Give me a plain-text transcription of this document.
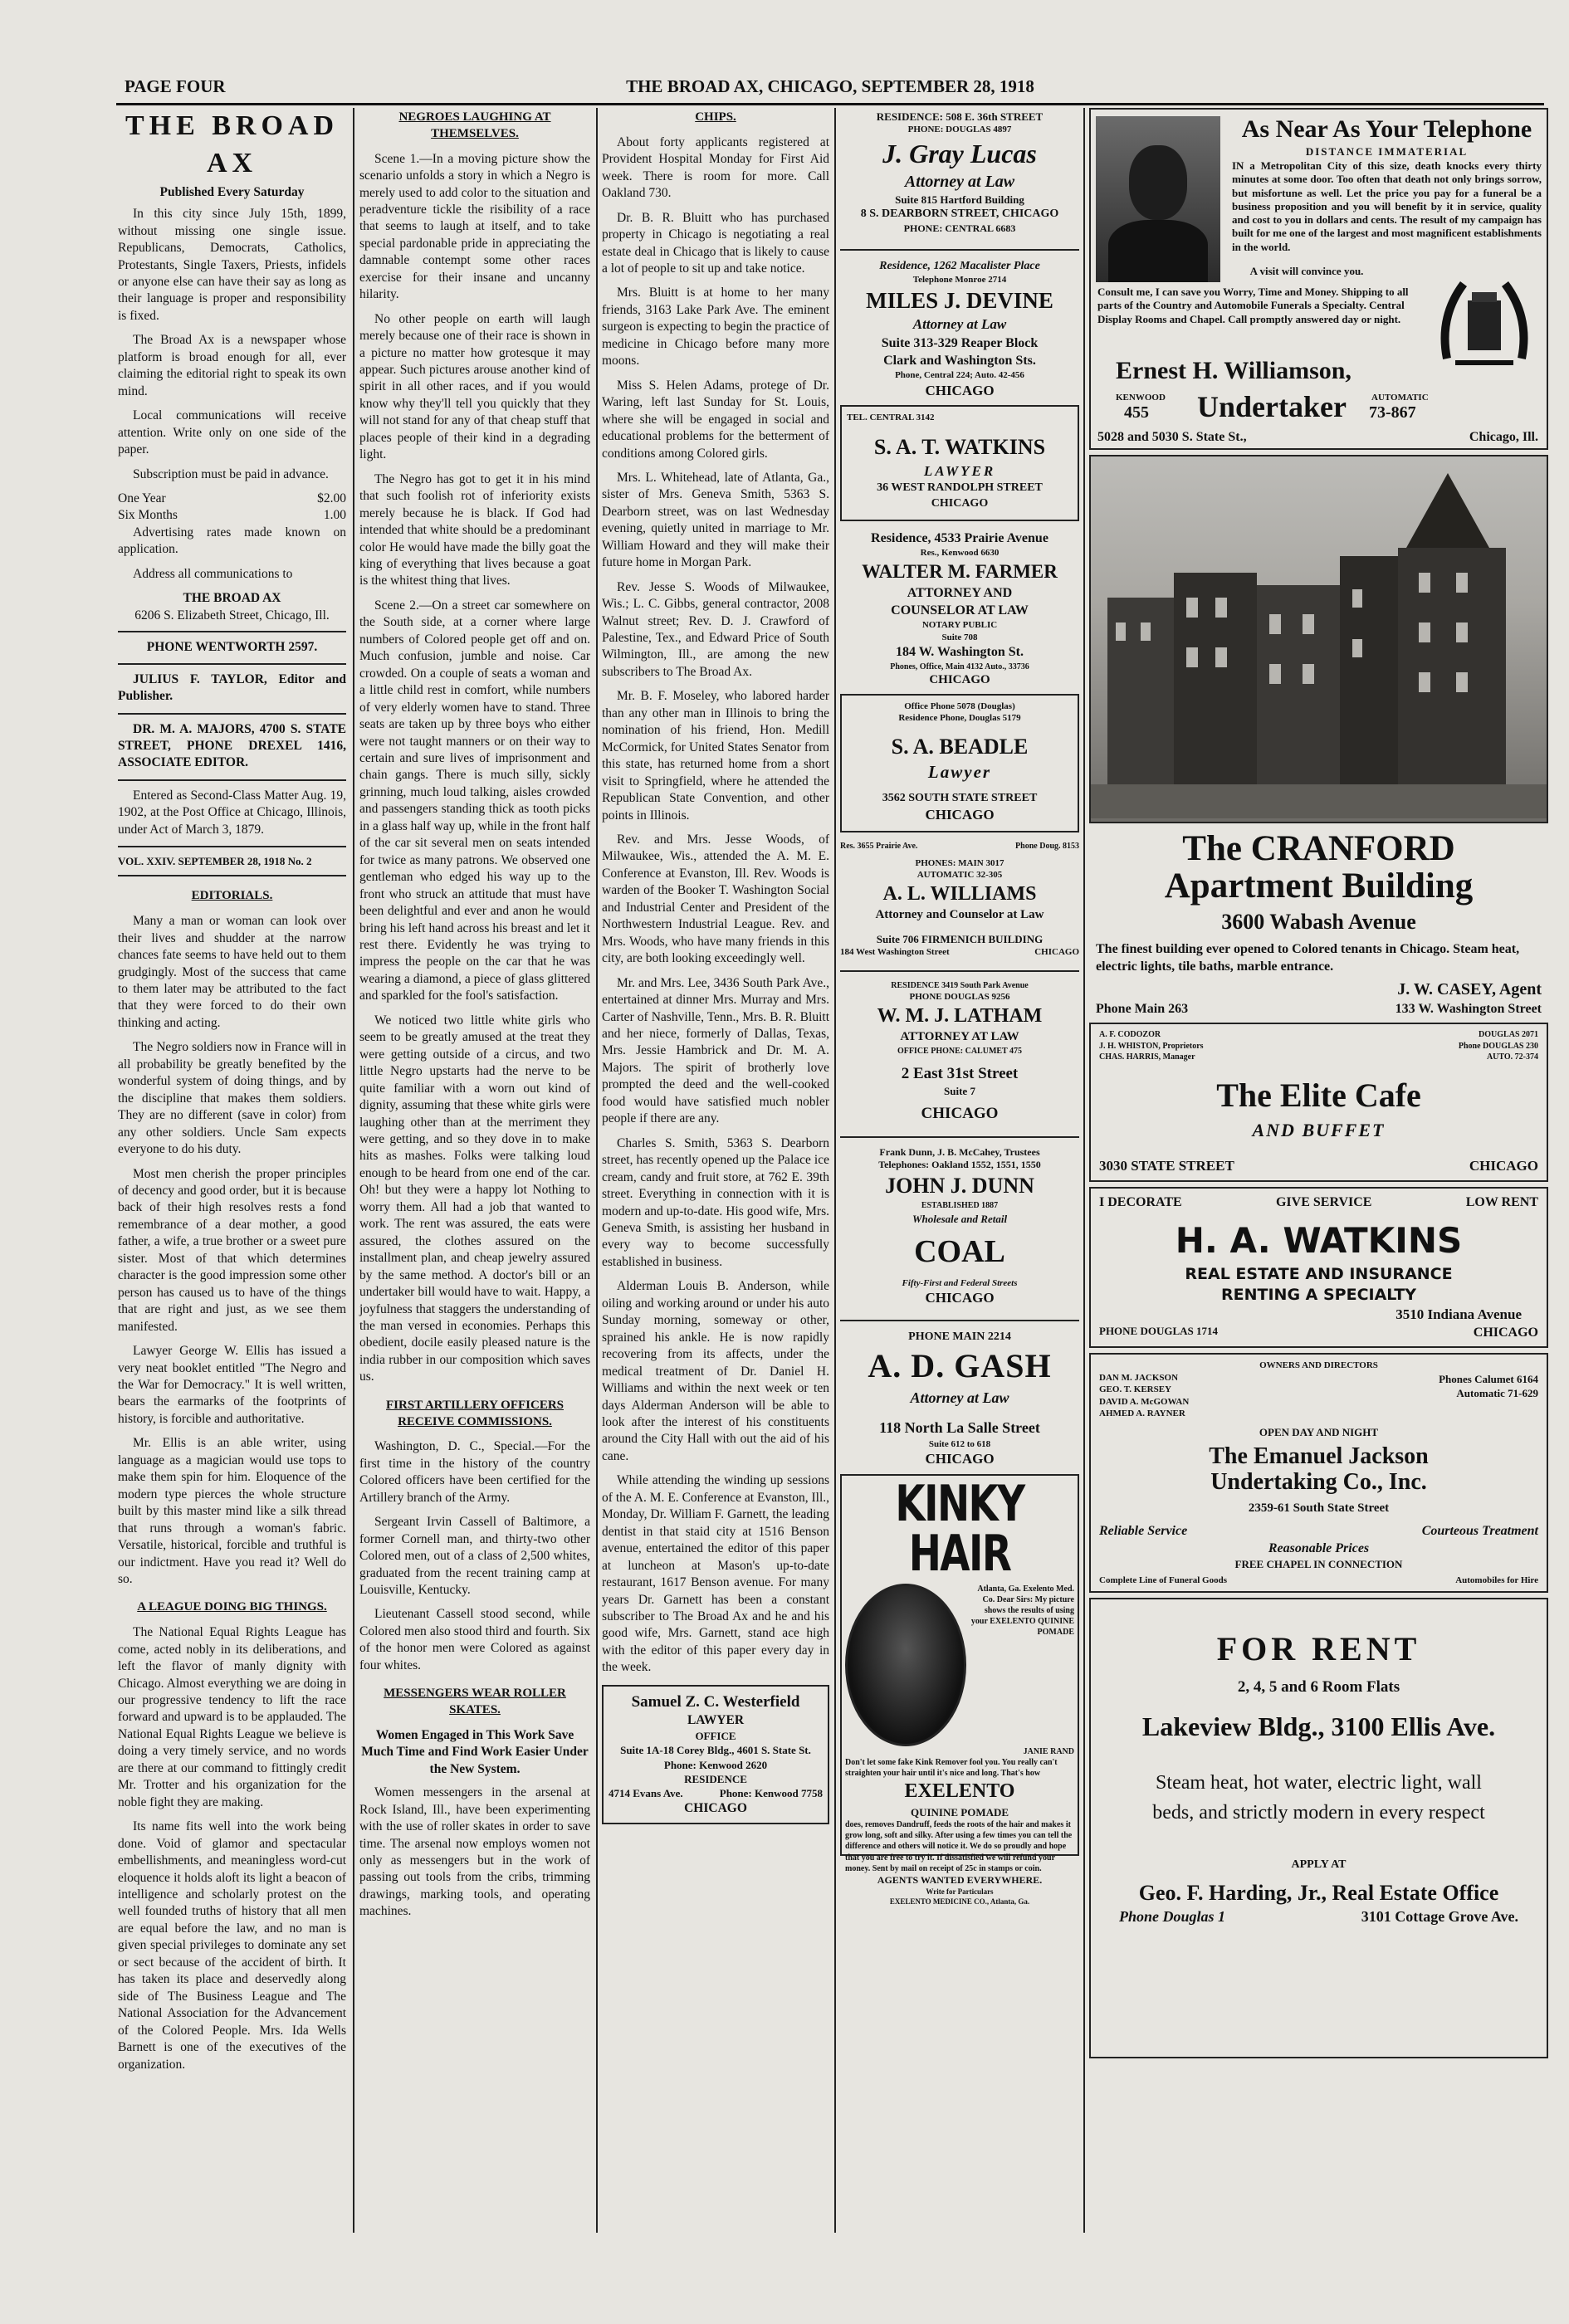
PAGE FOUR	THE BROAD AX, CHICAGO, SEPTEMBER 28, 1918
THE BROAD AX
Published Every Saturday

In this city since July 15th, 1899, without missing one single issue. Republicans, Democrats, Catholics, Protestants, Single Taxers, Priests, infidels or anyone else can have their say as long as their language is proper and responsibility is fixed.

The Broad Ax is a newspaper whose platform is broad enough for all, ever claiming the editorial right to speak its own mind.

Local communications will receive attention. Write only on one side of the paper.

Subscription must be paid in advance.

One Year	$2.00
Six Months	1.00

Advertising rates made known on application.

Address all communications to

THE BROAD AX
6206 S. Elizabeth Street, Chicago, Ill.
PHONE WENTWORTH 2597.

JULIUS F. TAYLOR, Editor and Publisher.

DR. M. A. MAJORS, 4700 S. STATE STREET, PHONE DREXEL 1416, ASSOCIATE EDITOR.

Entered as Second-Class Matter Aug. 19, 1902, at the Post Office at Chicago, Illinois, under Act of March 3, 1879.

VOL. XXIV. SEPTEMBER 28, 1918 No. 2
EDITORIALS.

Many a man or woman can look over their lives and shudder at the narrow chances fate seems to have held out to them grudgingly. Most of the success that came to them later may be attributed to the fact that they were forced to do their own thinking and acting.

The Negro soldiers now in France will in all probability be greatly benefited by the wonderful system of doing things, and by the discipline that makes them soldiers. They are no different (save in color) from any other soldiers. Uncle Sam expects everyone to do his duty.

Most men cherish the proper principles of decency and good order, but it is because back of their high resolves rests a fond remembrance of a dear mother, a good father, a wife, a true brother or a sweet pure sister. Most of that which determines character is the good impression some other person has caused us to have of the things that are right and just, as we see them manifested.

Lawyer George W. Ellis has issued a very neat booklet entitled "The Negro and the War for Democracy." It is well written, bears the earmarks of the footprints of history, is forcible and authoritative.

Mr. Ellis is an able writer, using language as a magician would use tops to make them spin for him. Eloquence of the modern type pierces the whole structure built by this master mind like a silk thread that runs through a woman's fabric. Versatile, historical, forcible and truthful is our indictment. Have you read it? Well do so.

A LEAGUE DOING BIG THINGS.

The National Equal Rights League has come, acted nobly in its deliberations, and left the flavor of manly dignity with Chicago. Almost everything we are doing in our progressive tendency to lift the race forward and upward is to be applauded. The National Equal Rights League we believe is doing a very timely service, and no words are there at our command to fittingly credit Mr. Trotter and his organization for the noble fight they are making.

Its name fits well into the work being done. Void of glamor and spectacular embellishments, and meaningless word-cut eloquence it holds aloft its light a beacon of intelligence and scholarly protest on the well founded truths of history that all men are equal before the law, and no man is given special privileges to dominate any set or sect because of the accident of birth. It has taken its place and deservedly along side of The Business League and The National Association for the Advancement of the Colored People. Mrs. Ida Wells Barnett is one of the executives of the organization.

NEGROES LAUGHING AT THEMSELVES.

Scene 1.—In a moving picture show the scenario unfolds a story in which a Negro is merely used to add color to the situation and peradventure tickle the risibility of a race that seems to laugh at itself, and to take special pardonable pride in appreciating the damnable contempt some other races exercise for their insane and uncanny hilarity.

No other people on earth will laugh merely because one of their race is shown in a picture no matter how grotesque it may appear. Such pictures arouse another kind of spirit in all other races, and if you would know why they'll tell you quickly that they will not stand for any of that cheap stuff that places people of their kind in a degrading light.

The Negro has got to get it in his mind that such foolish rot of inferiority exists merely because he is black. If God had intended that white should be a predominant color He would have made the billy goat the king of everything that lives because a goat is the whitest thing that lives.

Scene 2.—On a street car somewhere on the South side, at a corner where large numbers of Colored people get off and on. Much confusion, jumble and noise. Car crowded. On a couple of seats a woman and a little child rest in comfort, while numbers of very elderly women have to stand. Three seats are taken up by three boys who either were not taught manners or on their way to certain and sure lives of imprisonment and chain gangs. There is much silly, sickly grinning, much loud talking, aisles crowded and passengers standing thick as tooth picks in a glass half way up, while in the front half of the car sit several men on seats intended for twice as many patrons. We observed one gentleman who edged his way up to the front who struck an attitude that must have been delightful and ever and anon he would bring his left hand across his breast and let it rest there. Evidently he was trying to impress the people on the car that he was wearing a diamond, a piece of glass glittered and sparkled for the fool's satisfaction.

We noticed two little white girls who seem to be greatly amused at the treat they were getting outside of a circus, and two little Negro upstarts had the nerve to be quite familiar with a worn out kind of dignity, assuming that these white girls were laughing other than at the merriment they were getting, and so they dove in to make hits as mashes. Folks were talking loud enough to be heard from one end of the car. Oh! but they were a happy lot Nothing to worry them. All had a job that wanted to work. The rent was assured, the eats were assured, the clothes assured on the installment plan, and cheap jewelry assured by the same method. A doctor's bill or an undertaker bill would have to wait. Happy, a joyfulness that staggers the understanding of the man versed in economies. Perhaps this obedient, docile easily pleased nature is the india rubber in our composition which saves us.

FIRST ARTILLERY OFFICERS RECEIVE COMMISSIONS.

Washington, D. C., Special.—For the first time in the history of the country Colored officers have been certified for the Artillery branch of the Army.

Sergeant Irvin Cassell of Baltimore, a former Cornell man, and thirty-two other Colored men, out of a class of 2,500 whites, graduated from the recent training camp at Louisville, Kentucky.

Lieutenant Cassell stood second, while Colored men also stood third and fourth. Six of the honor men were Colored as against four whites.

MESSENGERS WEAR ROLLER SKATES.
Women Engaged in This Work Save Much Time and Find Work Easier Under the New System.

Women messengers in the arsenal at Rock Island, Ill., have been experimenting with the use of roller skates in order to save time. The arsenal now employs women not only as messengers but in the work of passing out tools from the cribs, trimming drawings, marking tools, and operating machines.

CHIPS.

About forty applicants registered at Provident Hospital Monday for First Aid week. There is room for more. Call Oakland 730.

Dr. B. R. Bluitt who has purchased property in Chicago is negotiating a real estate deal in Chicago that is likely to cause a lot of people to sit up and take notice.

Mrs. Bluitt is at home to her many friends, 3163 Lake Park Ave. The eminent surgeon is expecting to begin the practice of medicine in Chicago before many more moons.

Miss S. Helen Adams, protege of Dr. Waring, left last Sunday for St. Louis, where she will be engaged in social and educational problems for the betterment of conditions among Colored girls.

Mrs. L. Whitehead, late of Atlanta, Ga., sister of Mrs. Geneva Smith, 5363 S. Dearborn street, was on last Wednesday evening, quietly united in marriage to Mr. William Howard and they will make their future home in Morgan Park.

Rev. Jesse S. Woods of Milwaukee, Wis.; L. C. Gibbs, general contractor, 2008 Walnut street; Rev. D. J. Crawford of Palestine, Tex., and Edward Price of South Wilmington, Ill., are among the new subscribers to The Broad Ax.

Mr. B. F. Moseley, who labored harder than any other man in Illinois to bring the nomination of his friend, Hon. Medill McCormick, for United States Senator from this state, has returned home from a short visit to Springfield, where he attended the Republican State Convention, and other points in Illinois.

Rev. and Mrs. Jesse Woods, of Milwaukee, Wis., attended the A. M. E. Conference at Evanston, Ill. Rev. Woods is warden of the Booker T. Washington Social and Industrial Center and President of the Northwestern Industrial League. Rev. and Mrs. Woods, who have many friends in this city, are both looking exceedingly well.

Mr. and Mrs. Lee, 3436 South Park Ave., entertained at dinner Mrs. Murray and Mrs. Carter of Nashville, Tenn., Mrs. B. R. Bluitt and her niece, formerly of Dallas, Texas, Mrs. Jessie Hambrick and Dr. M. A. Majors. The spirit of brotherly love prompted the deed and the well-cooked food would have satisfied much nobler people if there are any.

Charles S. Smith, 5363 S. Dearborn street, has recently opened up the Palace ice cream, candy and fruit store, at 762 E. 39th street. Everything in connection with it is modern and up-to-date. His good wife, Mrs. Geneva Smith, is assisting her husband in every way to become successfully established in business.

Alderman Louis B. Anderson, while oiling and working around or under his auto Sunday morning, someway or other, sprained his ankle. He is now rapidly recovering from its affects, under the medical treatment of Dr. Daniel H. Williams and within the next week or ten days Alderman Anderson will be able to look after the interest of his constituents around the City Hall with out the aid of his cane.

While attending the winding up sessions of the A. M. E. Conference at Evanston, Ill., Monday, Dr. William F. Garnett, the leading dentist in that staid city at 1516 Benson avenue, entertained the editor of this paper at luncheon at Mason's up-to-date restaurant, 1617 Benson avenue. For many years Dr. Garnett has been a constant subscriber to The Broad Ax and he and his good wife, Mrs. Garnett, stand ace high with the editor of this paper every day in the week.

Samuel Z. C. Westerfield
LAWYER
OFFICE
Suite 1A-18 Corey Bldg., 4601 S. State St.
Phone: Kenwood 2620
RESIDENCE
4714 Evans Ave.	Phone: Kenwood 7758
CHICAGO
RESIDENCE: 508 E. 36th STREET
PHONE: DOUGLAS 4897
J. Gray Lucas
Attorney at Law
Suite 815 Hartford Building
8 S. DEARBORN STREET, CHICAGO
PHONE: CENTRAL 6683
Residence, 1262 Macalister Place
Telephone Monroe 2714
MILES J. DEVINE
Attorney at Law
Suite 313-329 Reaper Block
Clark and Washington Sts.
Phone, Central 224; Auto. 42-456
CHICAGO
TEL. CENTRAL 3142
S. A. T. WATKINS
LAWYER
36 WEST RANDOLPH STREET
CHICAGO
Residence, 4533 Prairie Avenue
Res., Kenwood 6630
WALTER M. FARMER
ATTORNEY AND
COUNSELOR AT LAW
NOTARY PUBLIC
Suite 708
184 W. Washington St.
Phones, Office, Main 4132 Auto., 33736
CHICAGO
Office Phone 5078 (Douglas)
Residence Phone, Douglas 5179
S. A. BEADLE
Lawyer
3562 SOUTH STATE STREET
CHICAGO
Res. 3655 Prairie Ave.	Phone Doug. 8153
PHONES: MAIN 3017
AUTOMATIC 32-305
A. L. WILLIAMS
Attorney and Counselor at Law
Suite 706 FIRMENICH BUILDING
184 West Washington Street	CHICAGO
RESIDENCE 3419 South Park Avenue
PHONE DOUGLAS 9256
W. M. J. LATHAM
ATTORNEY AT LAW
OFFICE PHONE: CALUMET 475
2 East 31st Street
Suite 7
CHICAGO
Frank Dunn, J. B. McCahey, Trustees
Telephones: Oakland 1552, 1551, 1550
JOHN J. DUNN
ESTABLISHED 1887
Wholesale and Retail
COAL
Fifty-First and Federal Streets
CHICAGO
PHONE MAIN 2214
A. D. GASH
Attorney at Law
118 North La Salle Street
Suite 612 to 618
CHICAGO
KINKY HAIR
Atlanta, Ga. Exelento Med. Co. Dear Sirs: My picture shows the results of using your EXELENTO QUININE POMADE
JANIE RAND
Don't let some fake Kink Remover fool you. You really can't straighten your hair until it's nice and long. That's how
EXELENTO
QUININE POMADE
does, removes Dandruff, feeds the roots of the hair and makes it grow long, soft and silky. After using a few times you can tell the difference and others will notice it. We do so proudly and hope that you are free to try it. If dissatisfied we will refund your money. Sent by mail on receipt of 25c in stamps or coin.
AGENTS WANTED EVERYWHERE.
Write for Particulars
EXELENTO MEDICINE CO., Atlanta, Ga.
As Near As Your Telephone
DISTANCE IMMATERIAL
IN a Metropolitan City of this size, death knocks every thirty minutes at some door. Too often that death not only brings sorrow, but misfortune as well. Let the price you pay for a funeral be a business proposition and you will benefit by it in service, quality and cost to you in dollars and cents. The result of my campaign has built for me one of the largest and most magnificent establishments in the world.
A visit will convince you.
Consult me, I can save you Worry, Time and Money. Shipping to all parts of the Country and Automobile Funerals a Specialty. Central Display Rooms and Chapel. Call promptly answered day or night.
Ernest H. Williamson,
KENWOOD
455 Undertaker	AUTOMATIC
73-867
5028 and 5030 S. State St.,	Chicago, Ill.
The CRANFORD
Apartment Building
3600 Wabash Avenue
The finest building ever opened to Colored tenants in Chicago. Steam heat, electric lights, tile baths, marble entrance.
J. W. CASEY, Agent
Phone Main 263	133 W. Washington Street
A. F. CODOZOR
J. H. WHISTON, Proprietors
CHAS. HARRIS, Manager
DOUGLAS 2071
Phone DOUGLAS 230
AUTO. 72-374
The Elite Cafe
AND BUFFET
3030 STATE STREET	CHICAGO
I DECORATE	GIVE SERVICE	LOW RENT
H. A. WATKINS
REAL ESTATE AND INSURANCE
RENTING A SPECIALTY
3510 Indiana Avenue
PHONE DOUGLAS 1714	CHICAGO
OWNERS AND DIRECTORS
DAN M. JACKSON
GEO. T. KERSEY
DAVID A. McGOWAN
AHMED A. RAYNER
Phones Calumet 6164
Automatic 71-629
OPEN DAY AND NIGHT
The Emanuel Jackson
Undertaking Co., Inc.
2359-61 South State Street
Reliable Service	Courteous Treatment
Reasonable Prices
FREE CHAPEL IN CONNECTION
Complete Line of Funeral Goods	Automobiles for Hire
FOR RENT
2, 4, 5 and 6 Room Flats
Lakeview Bldg., 3100 Ellis Ave.
Steam heat, hot water, electric light, wall beds, and strictly modern in every respect
APPLY AT
Geo. F. Harding, Jr., Real Estate Office
Phone Douglas 1	3101 Cottage Grove Ave.
